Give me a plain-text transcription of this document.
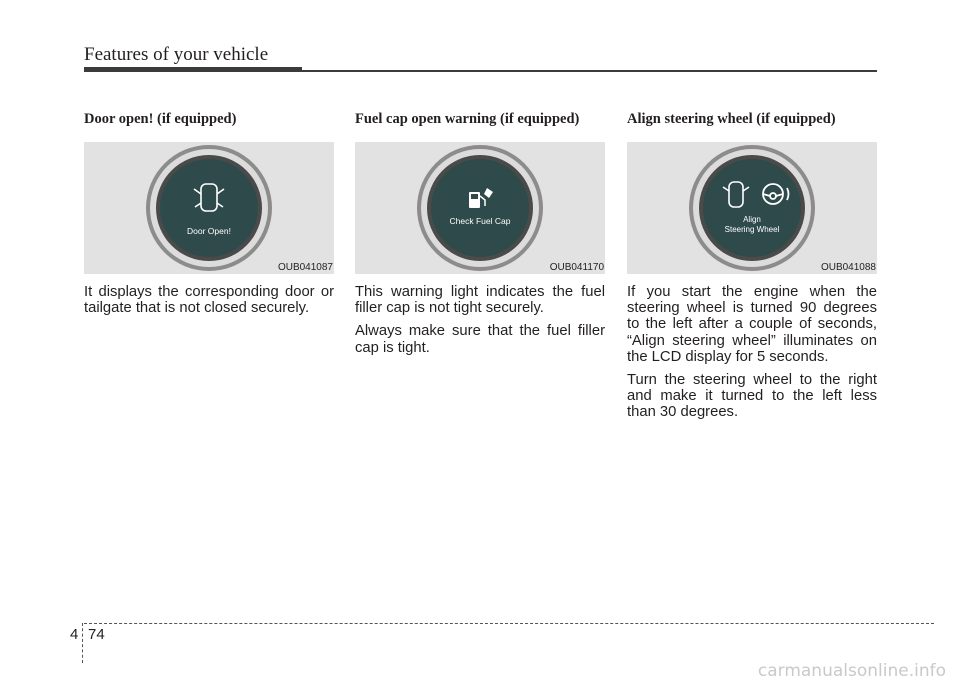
Features of your vehicle
Door open! (if equipped)
Door Open!
OUB041087

It displays the corresponding door or tailgate that is not closed securely.

Fuel cap open warning (if equipped)
Check Fuel Cap
OUB041170

This warning light indicates the fuel filler cap is not tight securely.

Always make sure that the fuel filler cap is tight.

Align steering wheel (if equipped)
Align
Steering Wheel
OUB041088

If you start the engine when the steering wheel is turned 90 degrees to the left after a couple of seconds, “Align steering wheel” illuminates on the LCD display for 5 seconds.

Turn the steering wheel to the right and make it turned to the left less than 30 degrees.

4 74
carmanualsonline.info
